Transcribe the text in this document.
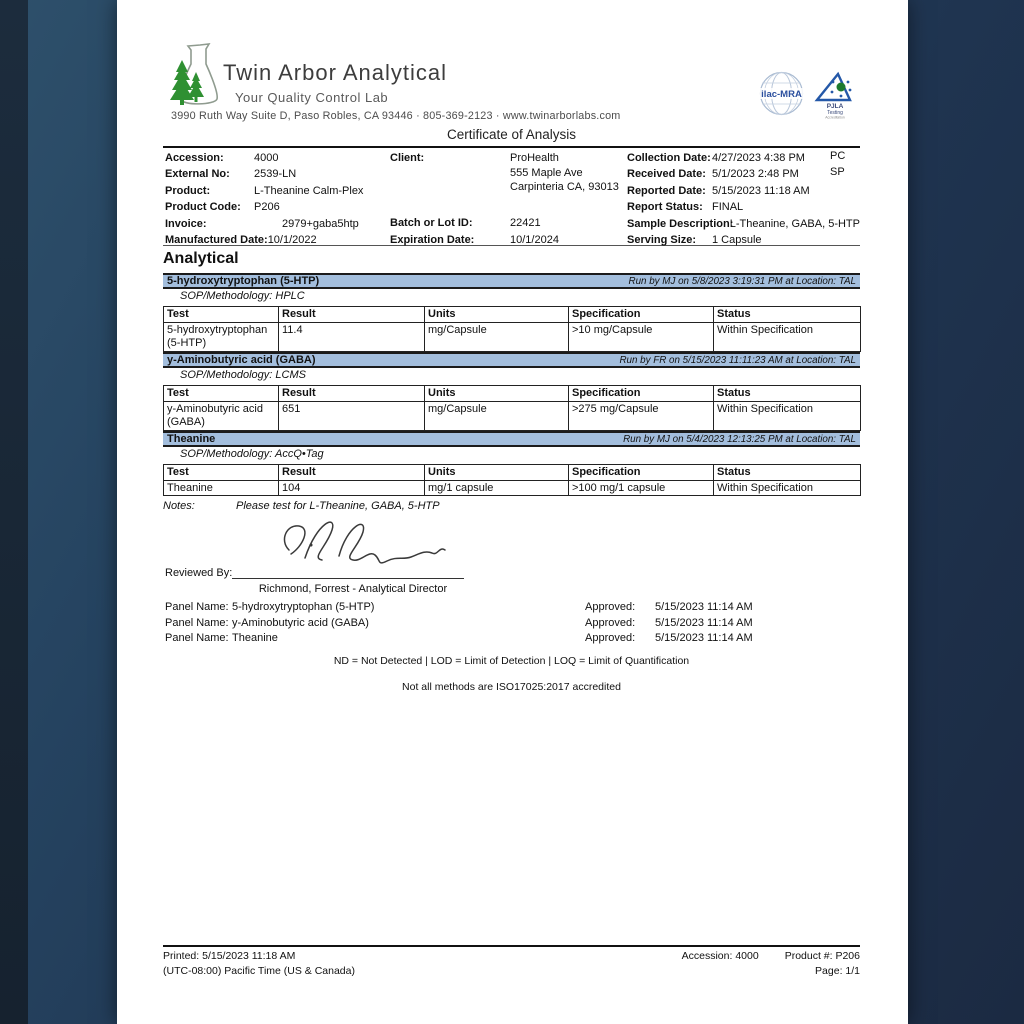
Twin Arbor Analytical
Your Quality Control Lab
3990 Ruth Way Suite D, Paso Robles, CA 93446 · 805-369-2123 · www.twinarborlabs.com
ilac-MRA
PJLA
Testing
Accreditation
Certificate of Analysis
Accession:	4000
External No:	2539-LN
Product:	L-Theanine Calm-Plex
Product Code:	P206
Invoice:	2979+gaba5htp
Manufactured Date: 10/1/2022
Client:	ProHealth
555 Maple Ave
Carpinteria CA, 93013
Batch or Lot ID:	22421
Expiration Date:	10/1/2024
Collection Date: 4/27/2023 4:38 PM
Received Date: 5/1/2023 2:48 PM
Reported Date: 5/15/2023 11:18 AM
Report Status: FINAL
Sample Description:
L-Theanine, GABA, 5-HTP
Serving Size:	1 Capsule
PC
SP
Analytical
5-hydroxytryptophan (5-HTP)	Run by MJ on 5/8/2023 3:19:31 PM at Location: TAL
SOP/Methodology: HPLC
Test	Result	Units	Specification	Status
5-hydroxytryptophan (5-HTP)	11.4	mg/Capsule	>10 mg/Capsule	Within Specification
y-Aminobutyric acid (GABA)	Run by FR on 5/15/2023 11:11:23 AM at Location: TAL
SOP/Methodology: LCMS
Test	Result	Units	Specification	Status
y-Aminobutyric acid (GABA)	651	mg/Capsule	>275 mg/Capsule	Within Specification
Theanine	Run by MJ on 5/4/2023 12:13:25 PM at Location: TAL
SOP/Methodology: AccQ•Tag
Test	Result	Units	Specification	Status
Theanine	104	mg/1 capsule	>100 mg/1 capsule	Within Specification
Notes:	Please test for L-Theanine, GABA, 5-HTP
Reviewed By:
Richmond, Forrest - Analytical Director
Panel Name: 5-hydroxytryptophan (5-HTP)	Approved: 5/15/2023 11:14 AM
Panel Name: y-Aminobutyric acid (GABA)	Approved: 5/15/2023 11:14 AM
Panel Name: Theanine	Approved: 5/15/2023 11:14 AM
ND = Not Detected | LOD = Limit of Detection | LOQ = Limit of Quantification
Not all methods are ISO17025:2017 accredited
Printed: 5/15/2023 11:18 AM	Accession: 4000 Product #: P206
(UTC-08:00) Pacific Time (US & Canada)	Page: 1/1
